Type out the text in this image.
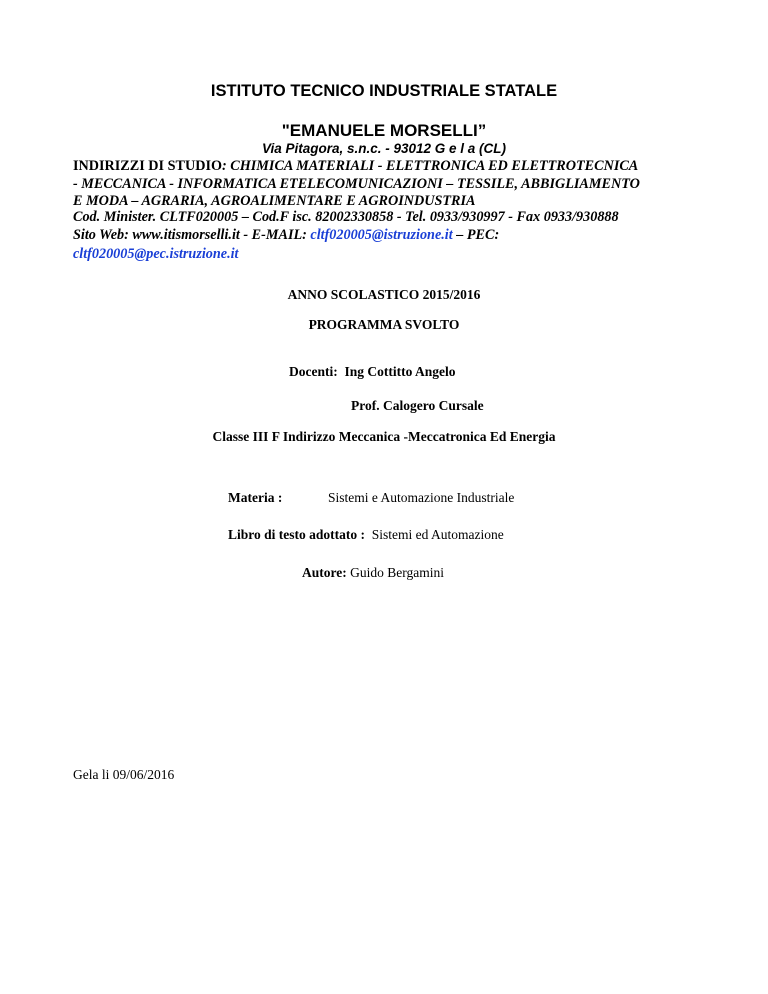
ISTITUTO TECNICO INDUSTRIALE STATALE
"EMANUELE MORSELLI”
Via Pitagora, s.n.c. - 93012 G e l a (CL)
INDIRIZZI DI STUDIO: CHIMICA MATERIALI - ELETTRONICA ED ELETTROTECNICA
- MECCANICA - INFORMATICA ETELECOMUNICAZIONI – TESSILE, ABBIGLIAMENTO
E MODA – AGRARIA, AGROALIMENTARE E AGROINDUSTRIA
Cod. Minister. CLTF020005 – Cod.F isc. 82002330858 - Tel. 0933/930997 - Fax 0933/930888
Sito Web: www.itismorselli.it - E-MAIL: cltf020005@istruzione.it – PEC:
cltf020005@pec.istruzione.it
ANNO SCOLASTICO 2015/2016
PROGRAMMA SVOLTO
Docenti: Ing Cottitto Angelo
Prof. Calogero Cursale
Classe III F Indirizzo Meccanica -Meccatronica Ed Energia
Materia :	Sistemi e Automazione Industriale
Libro di testo adottato : Sistemi ed Automazione
Autore: Guido Bergamini
Gela li 09/06/2016
